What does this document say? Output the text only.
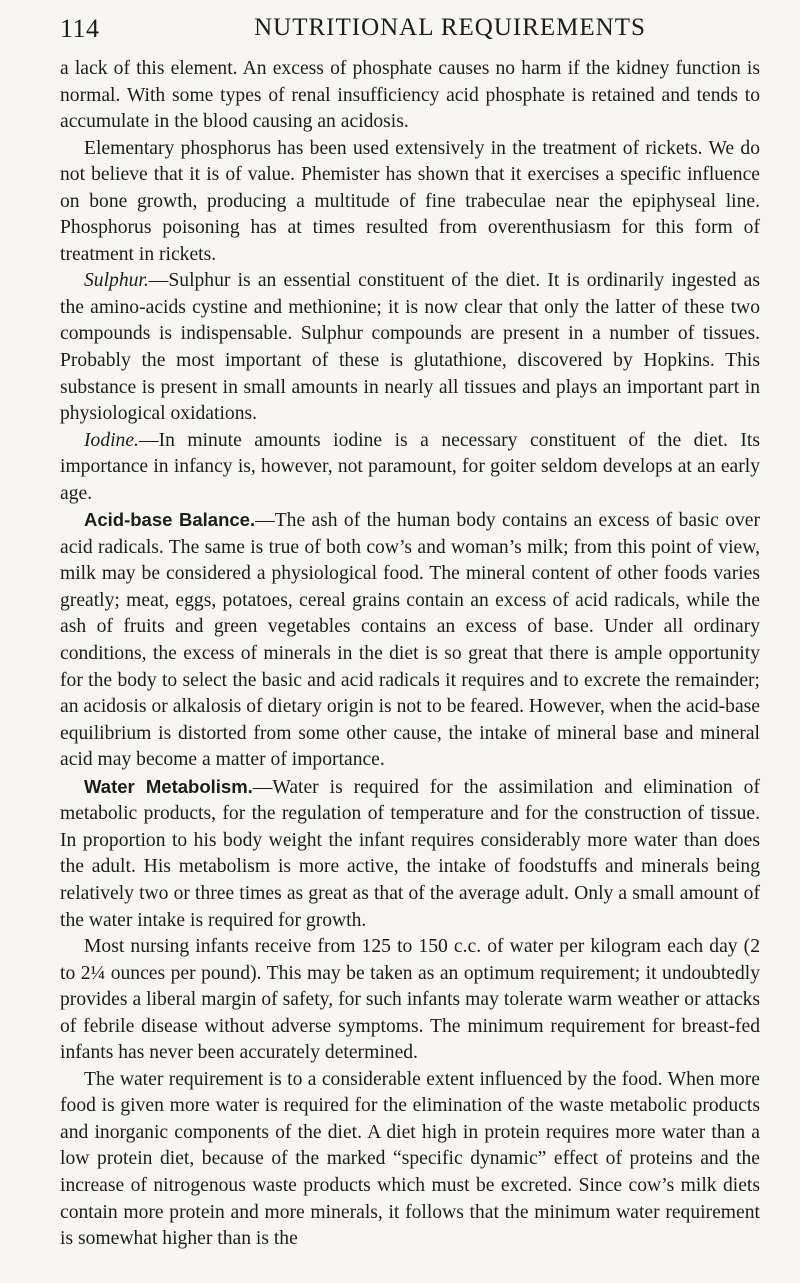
114	NUTRITIONAL REQUIREMENTS

a lack of this element. An excess of phosphate causes no harm if the kidney function is normal. With some types of renal insufficiency acid phosphate is retained and tends to accumulate in the blood causing an acidosis.

Elementary phosphorus has been used extensively in the treatment of rickets. We do not believe that it is of value. Phemister has shown that it exercises a specific influence on bone growth, producing a multitude of fine trabeculae near the epiphyseal line. Phosphorus poisoning has at times resulted from overenthusiasm for this form of treatment in rickets.

Sulphur.—Sulphur is an essential constituent of the diet. It is ordinarily ingested as the amino-acids cystine and methionine; it is now clear that only the latter of these two compounds is indispensable. Sulphur compounds are present in a number of tissues. Probably the most important of these is glutathione, discovered by Hopkins. This substance is present in small amounts in nearly all tissues and plays an important part in physiological oxidations.

Iodine.—In minute amounts iodine is a necessary constituent of the diet. Its importance in infancy is, however, not paramount, for goiter seldom develops at an early age.

Acid-base Balance.—The ash of the human body contains an excess of basic over acid radicals. The same is true of both cow’s and woman’s milk; from this point of view, milk may be considered a physiological food. The mineral content of other foods varies greatly; meat, eggs, potatoes, cereal grains contain an excess of acid radicals, while the ash of fruits and green vegetables contains an excess of base. Under all ordinary conditions, the excess of minerals in the diet is so great that there is ample opportunity for the body to select the basic and acid radicals it requires and to excrete the remainder; an acidosis or alkalosis of dietary origin is not to be feared. However, when the acid-base equilibrium is distorted from some other cause, the intake of mineral base and mineral acid may become a matter of importance.

Water Metabolism.—Water is required for the assimilation and elimination of metabolic products, for the regulation of temperature and for the construction of tissue. In proportion to his body weight the infant requires considerably more water than does the adult. His metabolism is more active, the intake of foodstuffs and minerals being relatively two or three times as great as that of the average adult. Only a small amount of the water intake is required for growth.

Most nursing infants receive from 125 to 150 c.c. of water per kilogram each day (2 to 2¼ ounces per pound). This may be taken as an optimum requirement; it undoubtedly provides a liberal margin of safety, for such infants may tolerate warm weather or attacks of febrile disease without adverse symptoms. The minimum requirement for breast-fed infants has never been accurately determined.

The water requirement is to a considerable extent influenced by the food. When more food is given more water is required for the elimination of the waste metabolic products and inorganic components of the diet. A diet high in protein requires more water than a low protein diet, because of the marked “specific dynamic” effect of proteins and the increase of nitrogenous waste products which must be excreted. Since cow’s milk diets contain more protein and more minerals, it follows that the minimum water requirement is somewhat higher than is the
